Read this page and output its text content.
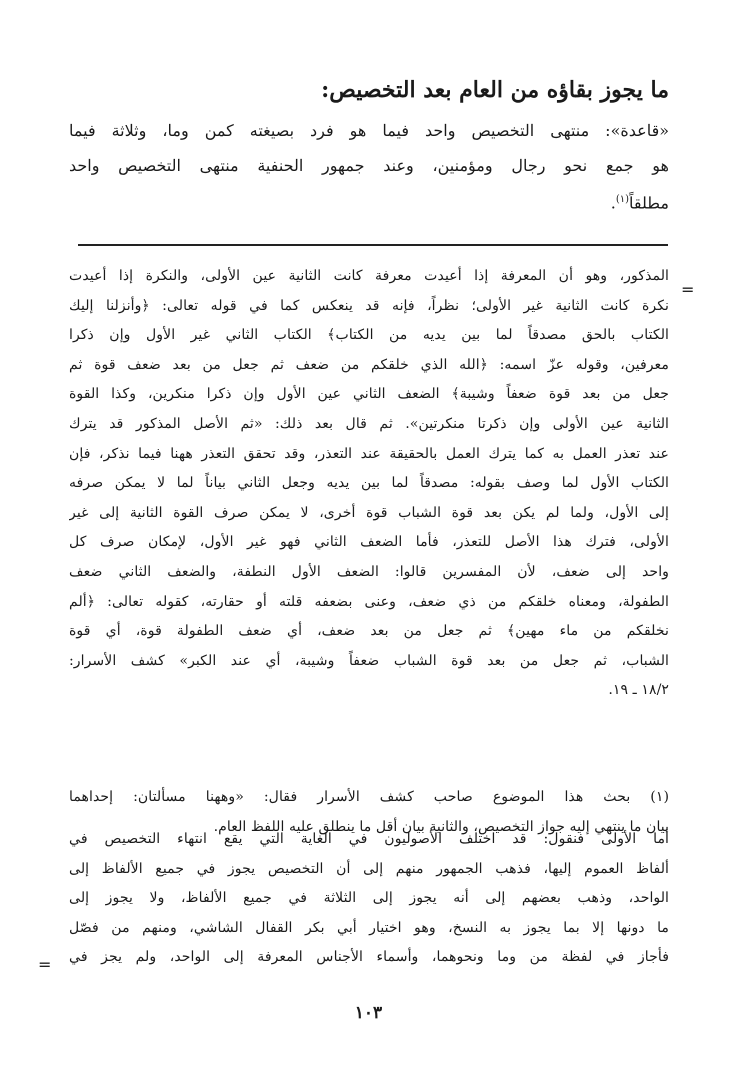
ما يجوز بقاؤه من العام بعد التخصيص:
«قاعدة»: منتهى التخصيص واحد فيما هو فرد بصيغته كمن وما، وثلاثة فيما
هو جمع نحو رجال ومؤمنين، وعند جمهور الحنفية منتهى التخصيص واحد
مطلقاً$^{(١)}$.
=
المذكور، وهو أن المعرفة إذا أعيدت معرفة كانت الثانية عين الأولى، والنكرة إذا أعيدت
نكرة كانت الثانية غير الأولى؛ نظراً، فإنه قد ينعكس كما في قوله تعالى: ﴿وأنزلنا إليك
الكتاب بالحق مصدقاً لما بين يديه من الكتاب﴾ الكتاب الثاني غير الأول وإن ذكرا
معرفين، وقوله عزّ اسمه: ﴿الله الذي خلقكم من ضعف ثم جعل من بعد ضعف قوة ثم
جعل من بعد قوة ضعفاً وشيبة﴾ الضعف الثاني عين الأول وإن ذكرا منكرين، وكذا القوة
الثانية عين الأولى وإن ذكرتا منكرتين». ثم قال بعد ذلك: «ثم الأصل المذكور قد يترك
عند تعذر العمل به كما يترك العمل بالحقيقة عند التعذر، وقد تحقق التعذر ههنا فيما نذكر، فإن
الكتاب الأول لما وصف بقوله: مصدقاً لما بين يديه وجعل الثاني بياناً لما لا يمكن صرفه
إلى الأول، ولما لم يكن بعد قوة الشباب قوة أخرى، لا يمكن صرف القوة الثانية إلى غير
الأولى، فترك هذا الأصل للتعذر، فأما الضعف الثاني فهو غير الأول، لإمكان صرف كل
واحد إلى ضعف، لأن المفسرين قالوا: الضعف الأول النطفة، والضعف الثاني ضعف
الطفولة، ومعناه خلقكم من ذي ضعف، وعنى بضعفه قلته أو حقارته، كقوله تعالى: ﴿ألم
نخلقكم من ماء مهين﴾ ثم جعل من بعد ضعف، أي ضعف الطفولة قوة، أي قوة
الشباب، ثم جعل من بعد قوة الشباب ضعفاً وشيبة، أي عند الكبر» كشف الأسرار:
١٨/٢ ـ ١٩.
(١) بحث هذا الموضوع صاحب كشف الأسرار فقال: «وههنا مسألتان: إحداهما
بيان ما ينتهي إليه جواز التخصيص، والثانية بيان أقل ما ينطلق عليه اللفظ العام.
أما الأولى فنقول: قد اختلف الأصوليون في الغاية التي يقع انتهاء التخصيص في
ألفاظ العموم إليها، فذهب الجمهور منهم إلى أن التخصيص يجوز في جميع الألفاظ إلى
الواحد، وذهب بعضهم إلى أنه يجوز إلى الثلاثة في جميع الألفاظ، ولا يجوز إلى
ما دونها إلا بما يجوز به النسخ، وهو اختيار أبي بكر القفال الشاشي، ومنهم من فصّل
فأجاز في لفظة من وما ونحوهما، وأسماء الأجناس المعرفة إلى الواحد، ولم يجز في
=
١٠٣
